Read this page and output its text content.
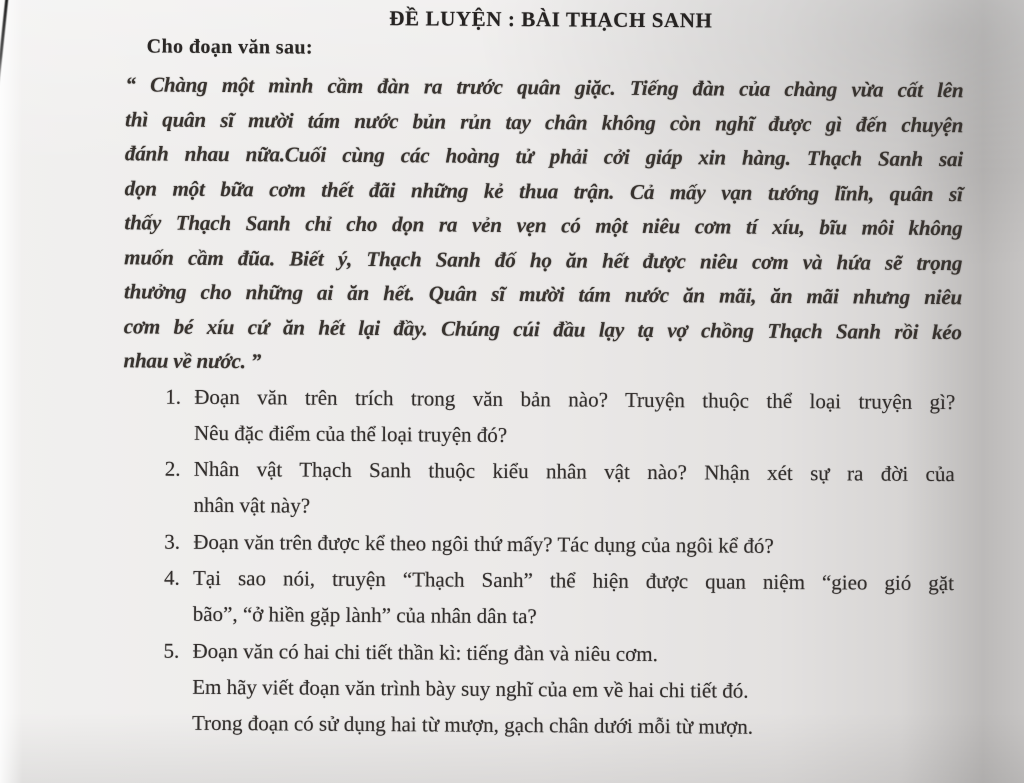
ĐỀ LUYỆN : BÀI THẠCH SANH
Cho đoạn văn sau:
“ Chàng một mình cầm đàn ra trước quân giặc. Tiếng đàn của chàng vừa cất lên
thì quân sĩ mười tám nước bủn rủn tay chân không còn nghĩ được gì đến chuyện
đánh nhau nữa.Cuối cùng các hoàng tử phải cởi giáp xin hàng. Thạch Sanh sai
dọn một bữa cơm thết đãi những kẻ thua trận. Cả mấy vạn tướng lĩnh, quân sĩ
thấy Thạch Sanh chỉ cho dọn ra vẻn vẹn có một niêu cơm tí xíu, bĩu môi không
muốn cầm đũa. Biết ý, Thạch Sanh đố họ ăn hết được niêu cơm và hứa sẽ trọng
thưởng cho những ai ăn hết. Quân sĩ mười tám nước ăn mãi, ăn mãi nhưng niêu
cơm bé xíu cứ ăn hết lại đầy. Chúng cúi đầu lạy tạ vợ chồng Thạch Sanh rồi kéo
nhau về nước. ”
1. Đoạn văn trên trích trong văn bản nào? Truyện thuộc thể loại truyện gì?
Nêu đặc điểm của thể loại truyện đó?
2. Nhân vật Thạch Sanh thuộc kiểu nhân vật nào? Nhận xét sự ra đời của
nhân vật này?
3. Đoạn văn trên được kể theo ngôi thứ mấy? Tác dụng của ngôi kể đó?
4. Tại sao nói, truyện “Thạch Sanh” thể hiện được quan niệm “gieo gió gặt
bão”, “ở hiền gặp lành” của nhân dân ta?
5. Đoạn văn có hai chi tiết thần kì: tiếng đàn và niêu cơm.
Em hãy viết đoạn văn trình bày suy nghĩ của em về hai chi tiết đó.
Trong đoạn có sử dụng hai từ mượn, gạch chân dưới mỗi từ mượn.
